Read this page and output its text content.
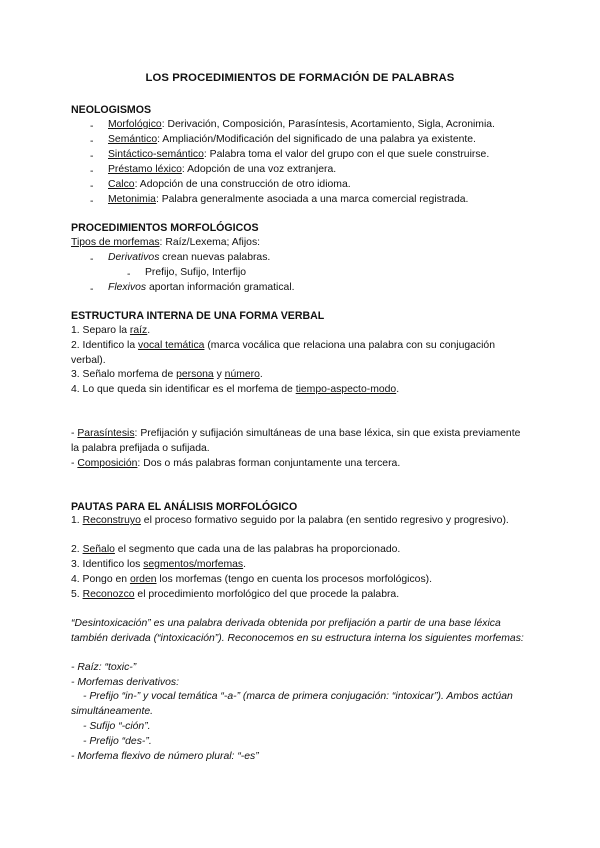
LOS PROCEDIMIENTOS DE FORMACIÓN DE PALABRAS
NEOLOGISMOS
- Morfológico: Derivación, Composición, Parasíntesis, Acortamiento, Sigla, Acronimia.
- Semántico: Ampliación/Modificación del significado de una palabra ya existente.
- Sintáctico-semántico: Palabra toma el valor del grupo con el que suele construirse.
- Préstamo léxico: Adopción de una voz extranjera.
- Calco: Adopción de una construcción de otro idioma.
- Metonimia: Palabra generalmente asociada a una marca comercial registrada.
PROCEDIMIENTOS MORFOLÓGICOS
Tipos de morfemas: Raíz/Lexema; Afijos:
- Derivativos crean nuevas palabras.
- Prefijo, Sufijo, Interfijo
- Flexivos aportan información gramatical.
ESTRUCTURA INTERNA DE UNA FORMA VERBAL
1. Separo la raíz.
2. Identifico la vocal temática (marca vocálica que relaciona una palabra con su conjugación verbal).
3. Señalo morfema de persona y número.
4. Lo que queda sin identificar es el morfema de tiempo-aspecto-modo.
- Parasíntesis: Prefijación y sufijación simultáneas de una base léxica, sin que exista previamente la palabra prefijada o sufijada.
- Composición: Dos o más palabras forman conjuntamente una tercera.
PAUTAS PARA EL ANÁLISIS MORFOLÓGICO
1. Reconstruyo el proceso formativo seguido por la palabra (en sentido regresivo y progresivo).
2. Señalo el segmento que cada una de las palabras ha proporcionado.
3. Identifico los segmentos/morfemas.
4. Pongo en orden los morfemas (tengo en cuenta los procesos morfológicos).
5. Reconozco el procedimiento morfológico del que procede la palabra.
“Desintoxicación” es una palabra derivada obtenida por prefijación a partir de una base léxica también derivada (“intoxicación”). Reconocemos en su estructura interna los siguientes morfemas:
- Raíz: “toxic-”
- Morfemas derivativos:
- Prefijo “in-” y vocal temática “-a-” (marca de primera conjugación: “intoxicar”). Ambos actúan simultáneamente.
- Sufijo “-ción”.
- Prefijo “des-”.
- Morfema flexivo de número plural: “-es”
